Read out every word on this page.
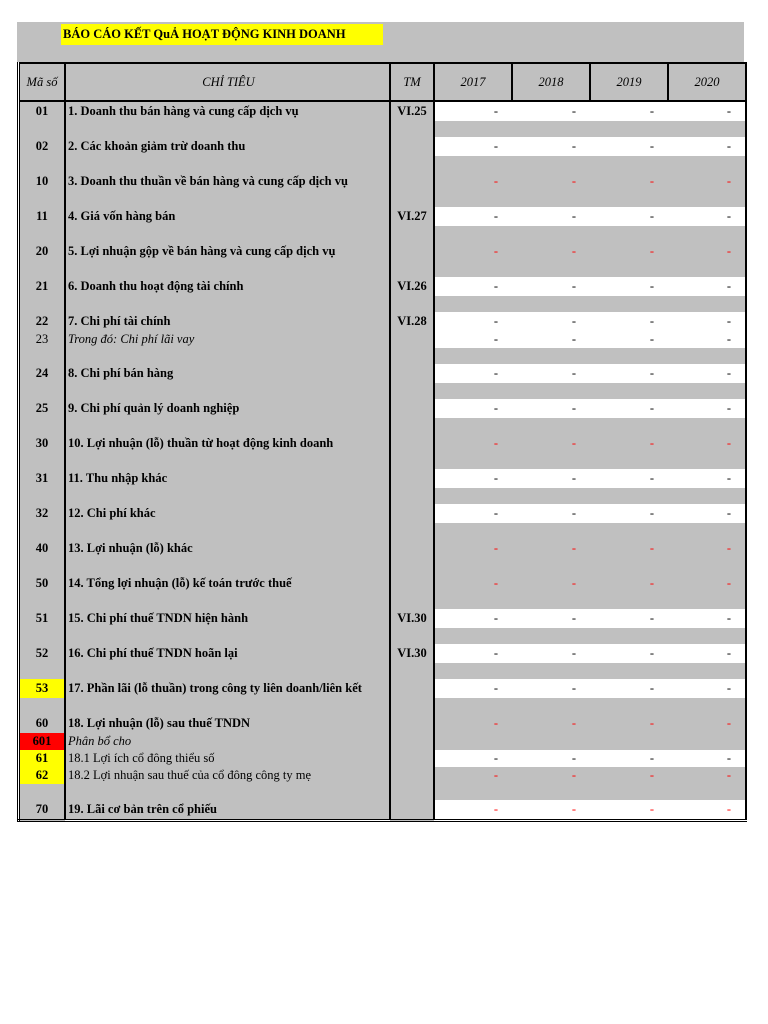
BÁO CÁO KẾT QuẢ HOẠT ĐỘNG KINH DOANH
Mã số	CHỈ TIÊU	TM	2017	2018	2019	2020
01	1. Doanh thu bán hàng và cung cấp dịch vụ	VI.25	-	-	-	-

02	2. Các khoản giảm trừ doanh thu		-	-	-	-

10	3. Doanh thu thuần về bán hàng và cung cấp dịch vụ		-	-	-	-

11	4. Giá vốn hàng bán	VI.27	-	-	-	-

20	5. Lợi nhuận gộp về bán hàng và cung cấp dịch vụ		-	-	-	-

21	6. Doanh thu hoạt động tài chính	VI.26	-	-	-	-

22	7. Chi phí tài chính	VI.28	-	-	-	-
23	Trong đó: Chi phí lãi vay		-	-	-	-

24	8. Chi phí bán hàng		-	-	-	-

25	9. Chi phí quản lý doanh nghiệp		-	-	-	-

30	10. Lợi nhuận (lỗ) thuần từ hoạt động kinh doanh		-	-	-	-

31	11. Thu nhập khác		-	-	-	-

32	12. Chi phí khác		-	-	-	-

40	13. Lợi nhuận (lỗ) khác		-	-	-	-

50	14. Tổng lợi nhuận (lỗ) kế toán trước thuế		-	-	-	-

51	15. Chi phí thuế TNDN hiện hành	VI.30	-	-	-	-

52	16. Chi phí thuế TNDN hoãn lại	VI.30	-	-	-	-

53	17. Phần lãi (lỗ thuần) trong công ty liên doanh/liên kết		-	-	-	-

60	18. Lợi nhuận (lỗ) sau thuế TNDN		-	-	-	-
601	Phân bổ cho					
61	18.1 Lợi ích cổ đông thiểu số		-	-	-	-
62	18.2 Lợi nhuận sau thuế của cổ đông công ty mẹ		-	-	-	-

70	19. Lãi cơ bản trên cổ phiếu		-	-	-	-
